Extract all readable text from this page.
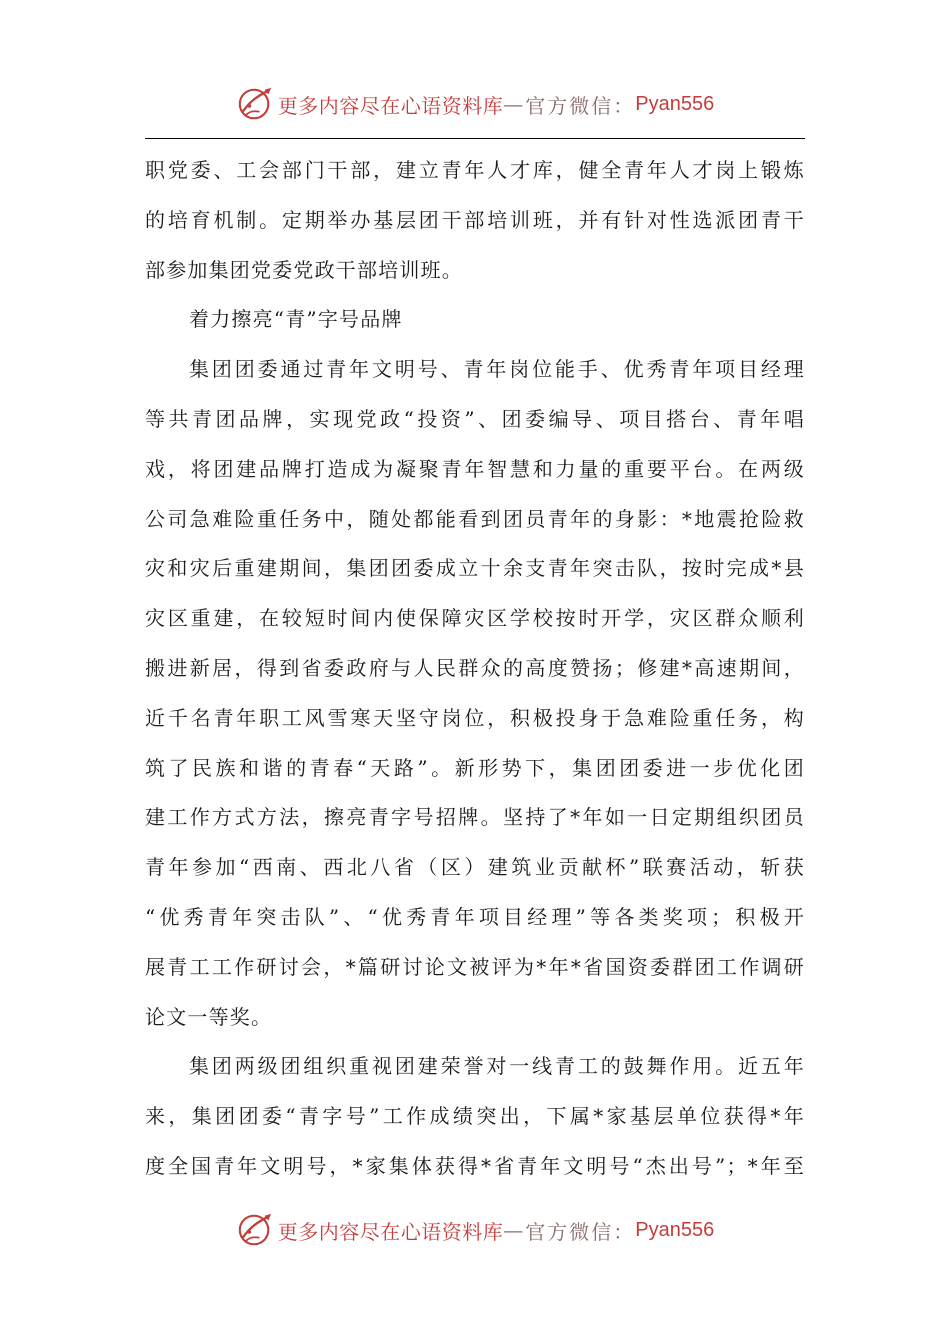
更多内容尽在心语资料库 — 官方微信： Pyan556

职党委、工会部门干部，建立青年人才库，健全青年人才岗上锻炼

的培育机制。定期举办基层团干部培训班，并有针对性选派团青干

部参加集团党委党政干部培训班。

着力擦亮“青”字号品牌

集团团委通过青年文明号、青年岗位能手、优秀青年项目经理

等共青团品牌，实现党政“投资”、团委编导、项目搭台、青年唱

戏，将团建品牌打造成为凝聚青年智慧和力量的重要平台。在两级

公司急难险重任务中，随处都能看到团员青年的身影：*地震抢险救

灾和灾后重建期间，集团团委成立十余支青年突击队，按时完成*县

灾区重建，在较短时间内使保障灾区学校按时开学，灾区群众顺利

搬进新居，得到省委政府与人民群众的高度赞扬；修建*高速期间，

近千名青年职工风雪寒天坚守岗位，积极投身于急难险重任务，构

筑了民族和谐的青春“天路”。新形势下，集团团委进一步优化团

建工作方式方法，擦亮青字号招牌。坚持了*年如一日定期组织团员

青年参加“西南、西北八省（区）建筑业贡献杯”联赛活动，斩获

“优秀青年突击队”、“优秀青年项目经理”等各类奖项；积极开

展青工工作研讨会，*篇研讨论文被评为*年*省国资委群团工作调研

论文一等奖。

集团两级团组织重视团建荣誉对一线青工的鼓舞作用。近五年

来，集团团委“青字号”工作成绩突出，下属*家基层单位获得*年

度全国青年文明号，*家集体获得*省青年文明号“杰出号”；*年至

更多内容尽在心语资料库 — 官方微信： Pyan556
